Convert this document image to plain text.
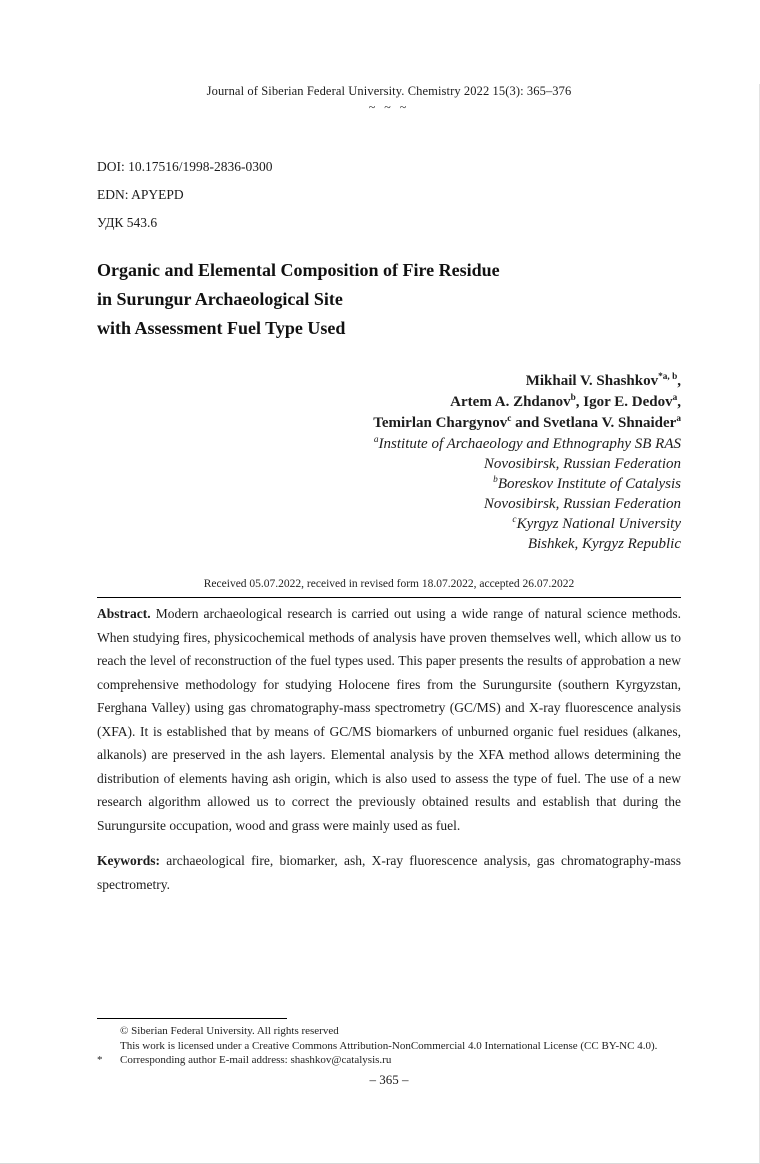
Journal of Siberian Federal University. Chemistry 2022 15(3): 365–376
~ ~ ~
DOI: 10.17516/1998-2836-0300
EDN: APYEPD
УДК 543.6
Organic and Elemental Composition of Fire Residue
in Surungur Archaeological Site
with Assessment Fuel Type Used
Mikhail V. Shashkov$^{*a, b}$,
Artem A. Zhdanov$^b$, Igor E. Dedov$^a$,
Temirlan Chargynov$^c$ and Svetlana V. Shnaider$^a$
$^a$Institute of Archaeology and Ethnography SB RAS
Novosibirsk, Russian Federation
$^b$Boreskov Institute of Catalysis
Novosibirsk, Russian Federation
$^c$Kyrgyz National University
Bishkek, Kyrgyz Republic
Received 05.07.2022, received in revised form 18.07.2022, accepted 26.07.2022

Abstract. Modern archaeological research is carried out using a wide range of natural science methods. When studying fires, physicochemical methods of analysis have proven themselves well, which allow us to reach the level of reconstruction of the fuel types used. This paper presents the results of approbation a new comprehensive methodology for studying Holocene fires from the Surungursite (southern Kyrgyzstan, Ferghana Valley) using gas chromatography-mass spectrometry (GC/MS) and X-ray fluorescence analysis (XFA). It is established that by means of GC/MS biomarkers of unburned organic fuel residues (alkanes, alkanols) are preserved in the ash layers. Elemental analysis by the XFA method allows determining the distribution of elements having ash origin, which is also used to assess the type of fuel. The use of a new research algorithm allowed us to correct the previously obtained results and establish that during the Surungursite occupation, wood and grass were mainly used as fuel.

Keywords: archaeological fire, biomarker, ash, X-ray fluorescence analysis, gas chromatography-mass spectrometry.

© Siberian Federal University. All rights reserved
This work is licensed under a Creative Commons Attribution-NonCommercial 4.0 International License (CC BY-NC 4.0).
* Corresponding author E-mail address: shashkov@catalysis.ru
– 365 –
